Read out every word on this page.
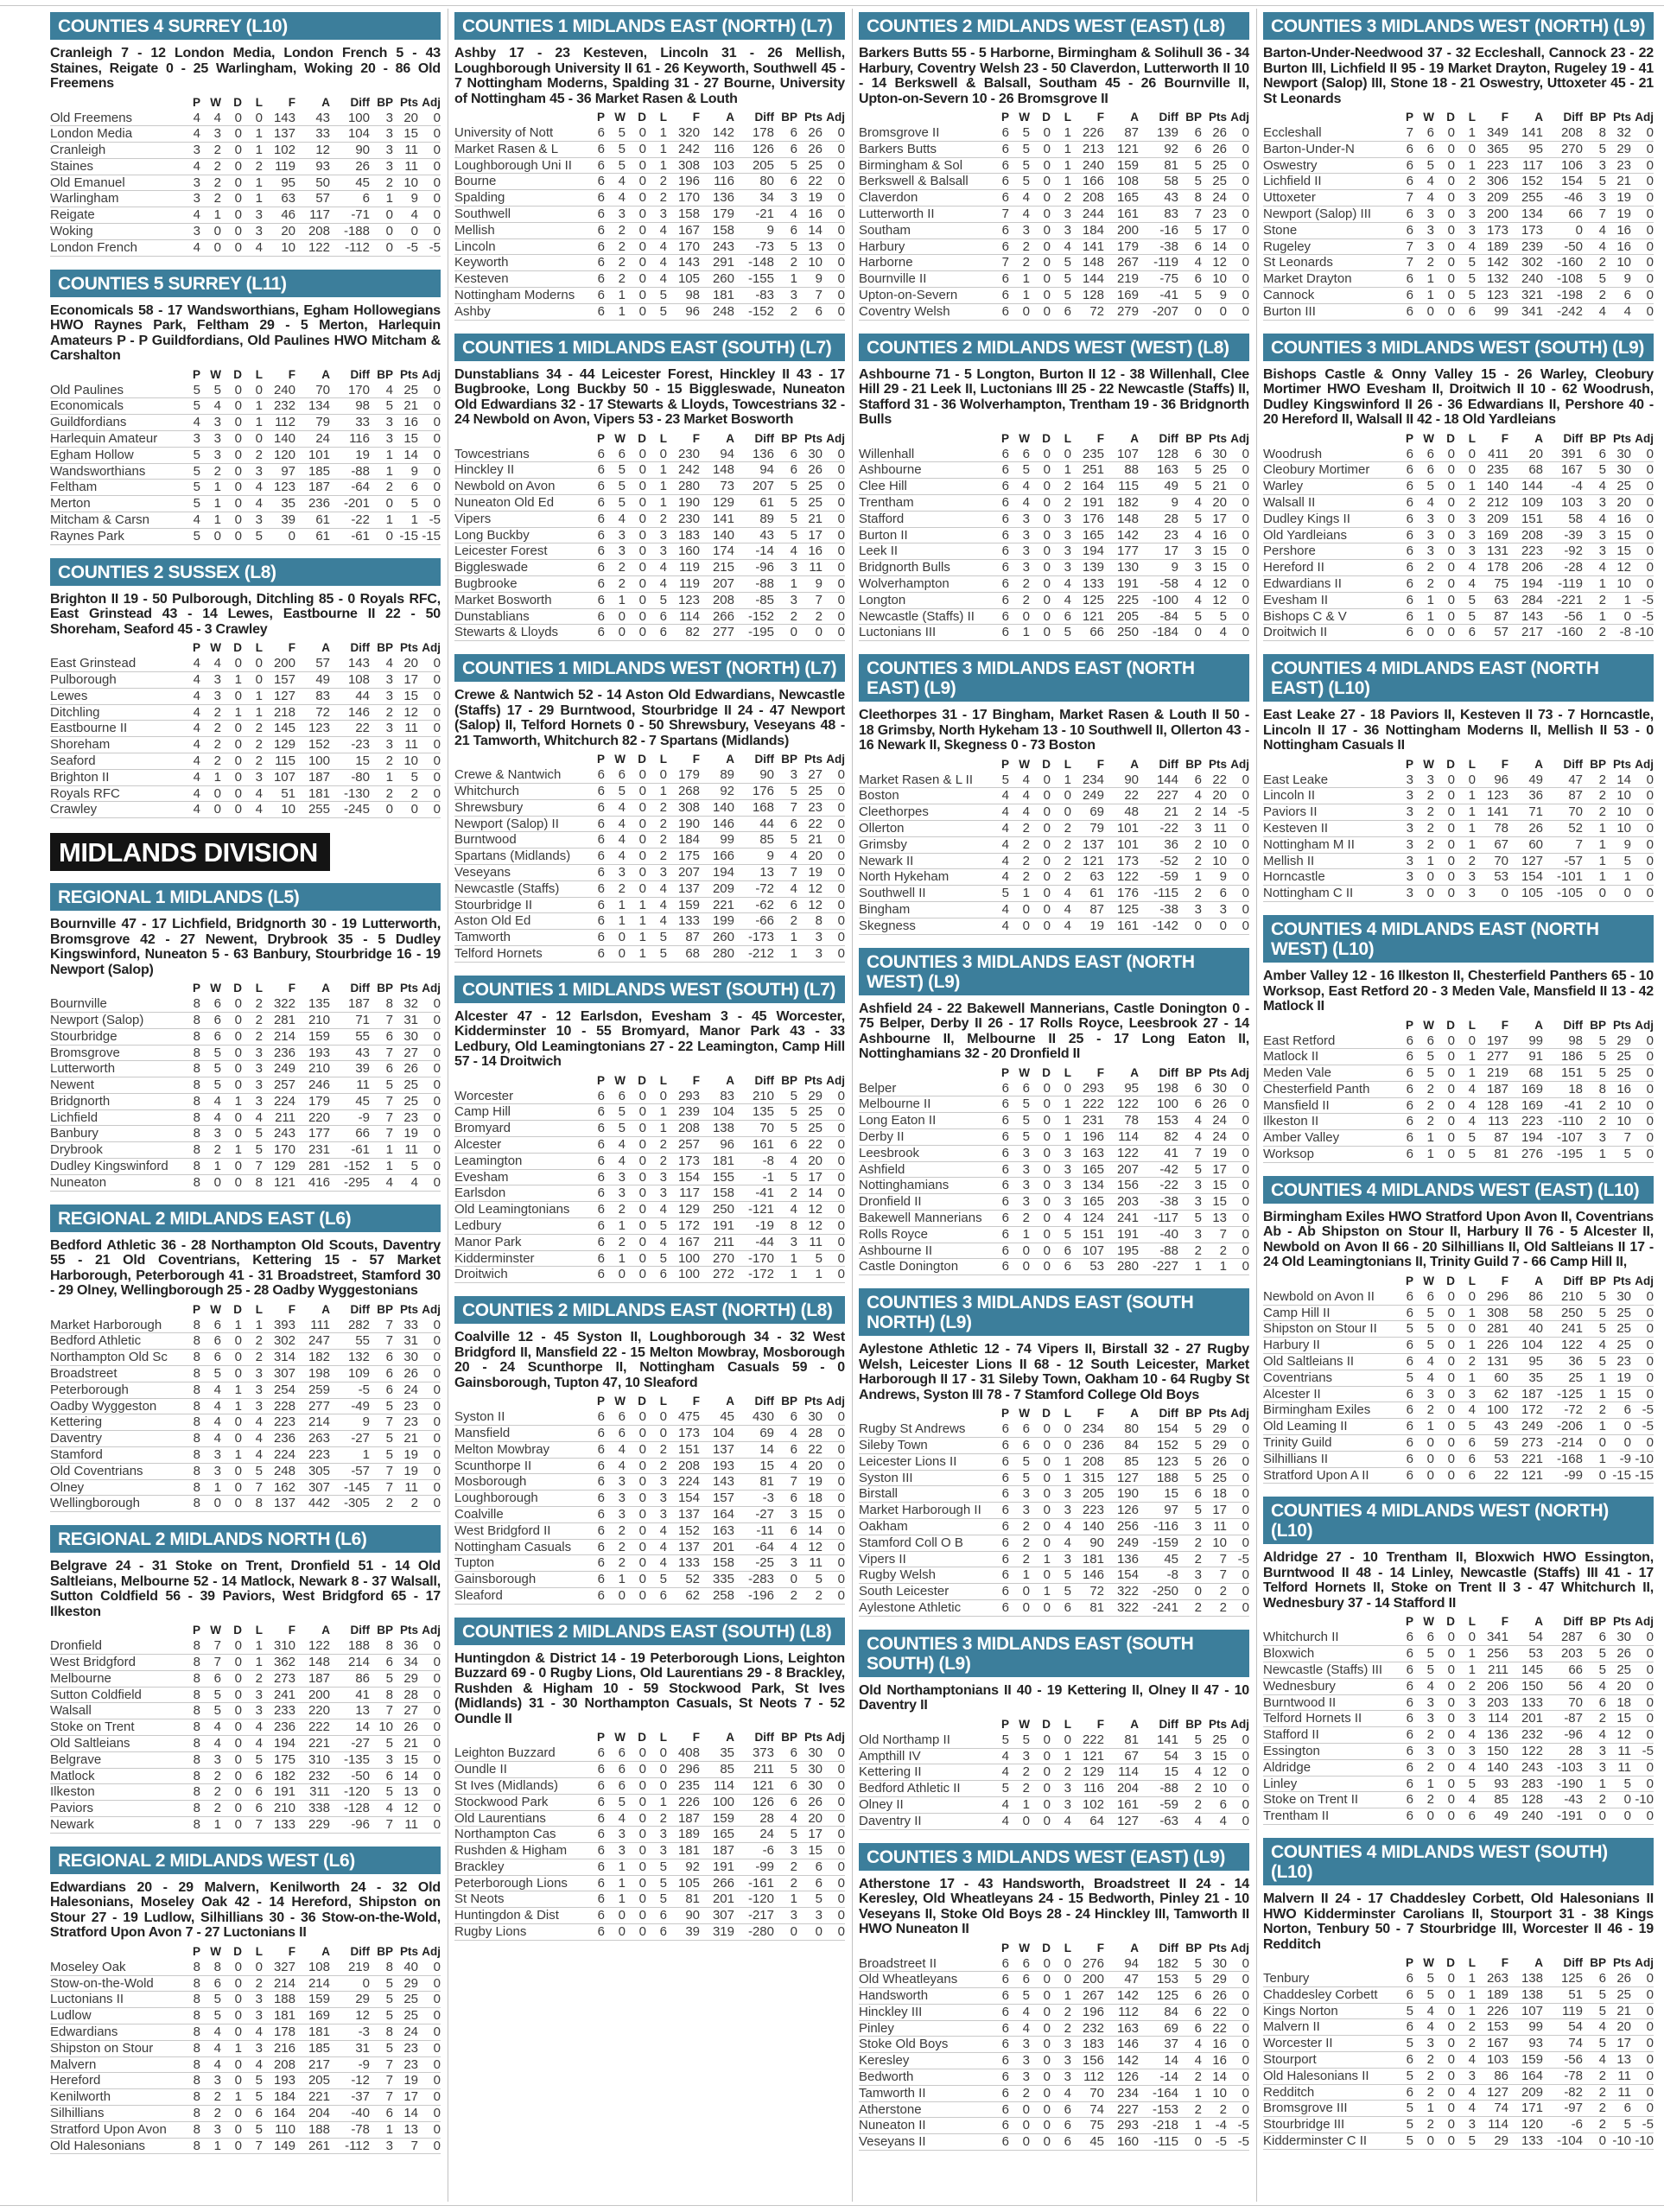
COUNTIES 4 SURREY (L10)

Cranleigh 7 - 12 London Media, London French 5 - 43 Staines, Reigate 0 - 25 Warlingham, Woking 20 - 86 Old Freemens

	P	W	D	L	F	A	Diff	BP	Pts	Adj
Old Freemens	4	4	0	0	143	43	100	3	20	0
London Media	4	3	0	1	137	33	104	3	15	0
Cranleigh	3	2	0	1	102	12	90	3	11	0
Staines	4	2	0	2	119	93	26	3	11	0
Old Emanuel	3	2	0	1	95	50	45	2	10	0
Warlingham	3	2	0	1	63	57	6	1	9	0
Reigate	4	1	0	3	46	117	-71	0	4	0
Woking	3	0	0	3	20	208	-188	0	0	0
London French	4	0	0	4	10	122	-112	0	-5	-5
COUNTIES 5 SURREY (L11)

Economicals 58 - 17 Wandsworthians, Egham Hollowegians HWO Raynes Park, Feltham 29 - 5 Merton, Harlequin Amateurs P - P Guildfordians, Old Paulines HWO Mitcham & Carshalton

	P	W	D	L	F	A	Diff	BP	Pts	Adj
Old Paulines	5	5	0	0	240	70	170	4	25	0
Economicals	5	4	0	1	232	134	98	5	21	0
Guildfordians	4	3	0	1	112	79	33	3	16	0
Harlequin Amateur	3	3	0	0	140	24	116	3	15	0
Egham Hollow	5	3	0	2	120	101	19	1	14	0
Wandsworthians	5	2	0	3	97	185	-88	1	9	0
Feltham	5	1	0	4	123	187	-64	2	6	0
Merton	5	1	0	4	35	236	-201	0	5	0
Mitcham & Carsn	4	1	0	3	39	61	-22	1	1	-5
Raynes Park	5	0	0	5	0	61	-61	0	-15	-15
COUNTIES 2 SUSSEX (L8)

Brighton II 19 - 50 Pulborough, Ditchling 85 - 0 Royals RFC, East Grinstead 43 - 14 Lewes, Eastbourne II 22 - 50 Shoreham, Seaford 45 - 3 Crawley

	P	W	D	L	F	A	Diff	BP	Pts	Adj
East Grinstead	4	4	0	0	200	57	143	4	20	0
Pulborough	4	3	1	0	157	49	108	3	17	0
Lewes	4	3	0	1	127	83	44	3	15	0
Ditchling	4	2	1	1	218	72	146	2	12	0
Eastbourne II	4	2	0	2	145	123	22	3	11	0
Shoreham	4	2	0	2	129	152	-23	3	11	0
Seaford	4	2	0	2	115	100	15	2	10	0
Brighton II	4	1	0	3	107	187	-80	1	5	0
Royals RFC	4	0	0	4	51	181	-130	2	2	0
Crawley	4	0	0	4	10	255	-245	0	0	0
MIDLANDS DIVISION
REGIONAL 1 MIDLANDS (L5)

Bournville 47 - 17 Lichfield, Bridgnorth 30 - 19 Lutterworth, Bromsgrove 42 - 27 Newent, Drybrook 35 - 5 Dudley Kingswinford, Nuneaton 5 - 63 Banbury, Stourbridge 16 - 19 Newport (Salop)

	P	W	D	L	F	A	Diff	BP	Pts	Adj
Bournville	8	6	0	2	322	135	187	8	32	0
Newport (Salop)	8	6	0	2	281	210	71	7	31	0
Stourbridge	8	6	0	2	214	159	55	6	30	0
Bromsgrove	8	5	0	3	236	193	43	7	27	0
Lutterworth	8	5	0	3	249	210	39	6	26	0
Newent	8	5	0	3	257	246	11	5	25	0
Bridgnorth	8	4	1	3	224	179	45	7	25	0
Lichfield	8	4	0	4	211	220	-9	7	23	0
Banbury	8	3	0	5	243	177	66	7	19	0
Drybrook	8	2	1	5	170	231	-61	1	11	0
Dudley Kingswinford	8	1	0	7	129	281	-152	1	5	0
Nuneaton	8	0	0	8	121	416	-295	4	4	0
REGIONAL 2 MIDLANDS EAST (L6)

Bedford Athletic 36 - 28 Northampton Old Scouts, Daventry 55 - 21 Old Coventrians, Kettering 15 - 57 Market Harborough, Peterborough 41 - 31 Broadstreet, Stamford 30 - 29 Olney, Wellingborough 25 - 28 Oadby Wyggestonians

	P	W	D	L	F	A	Diff	BP	Pts	Adj
Market Harborough	8	6	1	1	393	111	282	7	33	0
Bedford Athletic	8	6	0	2	302	247	55	7	31	0
Northampton Old Sc	8	6	0	2	314	182	132	6	30	0
Broadstreet	8	5	0	3	307	198	109	6	26	0
Peterborough	8	4	1	3	254	259	-5	6	24	0
Oadby Wyggeston	8	4	1	3	228	277	-49	5	23	0
Kettering	8	4	0	4	223	214	9	7	23	0
Daventry	8	4	0	4	236	263	-27	5	21	0
Stamford	8	3	1	4	224	223	1	5	19	0
Old Coventrians	8	3	0	5	248	305	-57	7	19	0
Olney	8	1	0	7	162	307	-145	7	11	0
Wellingborough	8	0	0	8	137	442	-305	2	2	0
REGIONAL 2 MIDLANDS NORTH (L6)

Belgrave 24 - 31 Stoke on Trent, Dronfield 51 - 14 Old Saltleians, Melbourne 52 - 14 Matlock, Newark 8 - 37 Walsall, Sutton Coldfield 56 - 39 Paviors, West Bridgford 65 - 17 Ilkeston

	P	W	D	L	F	A	Diff	BP	Pts	Adj
Dronfield	8	7	0	1	310	122	188	8	36	0
West Bridgford	8	7	0	1	362	148	214	6	34	0
Melbourne	8	6	0	2	273	187	86	5	29	0
Sutton Coldfield	8	5	0	3	241	200	41	8	28	0
Walsall	8	5	0	3	233	220	13	7	27	0
Stoke on Trent	8	4	0	4	236	222	14	10	26	0
Old Saltleians	8	4	0	4	194	221	-27	5	21	0
Belgrave	8	3	0	5	175	310	-135	3	15	0
Matlock	8	2	0	6	182	232	-50	6	14	0
Ilkeston	8	2	0	6	191	311	-120	5	13	0
Paviors	8	2	0	6	210	338	-128	4	12	0
Newark	8	1	0	7	133	229	-96	7	11	0
REGIONAL 2 MIDLANDS WEST (L6)

Edwardians 20 - 29 Malvern, Kenilworth 24 - 32 Old Halesonians, Moseley Oak 42 - 14 Hereford, Shipston on Stour 27 - 19 Ludlow, Silhillians 30 - 36 Stow-on-the-Wold, Stratford Upon Avon 7 - 27 Luctonians II

	P	W	D	L	F	A	Diff	BP	Pts	Adj
Moseley Oak	8	8	0	0	327	108	219	8	40	0
Stow-on-the-Wold	8	6	0	2	214	214	0	5	29	0
Luctonians II	8	5	0	3	188	159	29	5	25	0
Ludlow	8	5	0	3	181	169	12	5	25	0
Edwardians	8	4	0	4	178	181	-3	8	24	0
Shipston on Stour	8	4	1	3	216	185	31	5	23	0
Malvern	8	4	0	4	208	217	-9	7	23	0
Hereford	8	3	0	5	193	205	-12	7	19	0
Kenilworth	8	2	1	5	184	221	-37	7	17	0
Silhillians	8	2	0	6	164	204	-40	6	14	0
Stratford Upon Avon	8	3	0	5	110	188	-78	1	13	0
Old Halesonians	8	1	0	7	149	261	-112	3	7	0
COUNTIES 1 MIDLANDS EAST (NORTH) (L7)

Ashby 17 - 23 Kesteven, Lincoln 31 - 26 Mellish, Loughborough University II 61 - 26 Keyworth, Southwell 45 - 7 Nottingham Moderns, Spalding 31 - 27 Bourne, University of Nottingham 45 - 36 Market Rasen & Louth

	P	W	D	L	F	A	Diff	BP	Pts	Adj
University of Nott	6	5	0	1	320	142	178	6	26	0
Market Rasen & L	6	5	0	1	242	116	126	6	26	0
Loughborough Uni II	6	5	0	1	308	103	205	5	25	0
Bourne	6	4	0	2	196	116	80	6	22	0
Spalding	6	4	0	2	170	136	34	3	19	0
Southwell	6	3	0	3	158	179	-21	4	16	0
Mellish	6	2	0	4	167	158	9	6	14	0
Lincoln	6	2	0	4	170	243	-73	5	13	0
Keyworth	6	2	0	4	143	291	-148	2	10	0
Kesteven	6	2	0	4	105	260	-155	1	9	0
Nottingham Moderns	6	1	0	5	98	181	-83	3	7	0
Ashby	6	1	0	5	96	248	-152	2	6	0
COUNTIES 1 MIDLANDS EAST (SOUTH) (L7)

Dunstablians 34 - 44 Leicester Forest, Hinckley II 43 - 17 Bugbrooke, Long Buckby 50 - 15 Biggleswade, Nuneaton Old Edwardians 32 - 17 Stewarts & Lloyds, Towcestrians 32 - 24 Newbold on Avon, Vipers 53 - 23 Market Bosworth

	P	W	D	L	F	A	Diff	BP	Pts	Adj
Towcestrians	6	6	0	0	230	94	136	6	30	0
Hinckley II	6	5	0	1	242	148	94	6	26	0
Newbold on Avon	6	5	0	1	280	73	207	5	25	0
Nuneaton Old Ed	6	5	0	1	190	129	61	5	25	0
Vipers	6	4	0	2	230	141	89	5	21	0
Long Buckby	6	3	0	3	183	140	43	5	17	0
Leicester Forest	6	3	0	3	160	174	-14	4	16	0
Biggleswade	6	2	0	4	119	215	-96	3	11	0
Bugbrooke	6	2	0	4	119	207	-88	1	9	0
Market Bosworth	6	1	0	5	123	208	-85	3	7	0
Dunstablians	6	0	0	6	114	266	-152	2	2	0
Stewarts & Lloyds	6	0	0	6	82	277	-195	0	0	0
COUNTIES 1 MIDLANDS WEST (NORTH) (L7)

Crewe & Nantwich 52 - 14 Aston Old Edwardians, Newcastle (Staffs) 17 - 29 Burntwood, Stourbridge II 24 - 47 Newport (Salop) II, Telford Hornets 0 - 50 Shrewsbury, Veseyans 48 - 21 Tamworth, Whitchurch 82 - 7 Spartans (Midlands)

	P	W	D	L	F	A	Diff	BP	Pts	Adj
Crewe & Nantwich	6	6	0	0	179	89	90	3	27	0
Whitchurch	6	5	0	1	268	92	176	5	25	0
Shrewsbury	6	4	0	2	308	140	168	7	23	0
Newport (Salop) II	6	4	0	2	190	146	44	6	22	0
Burntwood	6	4	0	2	184	99	85	5	21	0
Spartans (Midlands)	6	4	0	2	175	166	9	4	20	0
Veseyans	6	3	0	3	207	194	13	7	19	0
Newcastle (Staffs)	6	2	0	4	137	209	-72	4	12	0
Stourbridge II	6	1	1	4	159	221	-62	6	12	0
Aston Old Ed	6	1	1	4	133	199	-66	2	8	0
Tamworth	6	0	1	5	87	260	-173	1	3	0
Telford Hornets	6	0	1	5	68	280	-212	1	3	0
COUNTIES 1 MIDLANDS WEST (SOUTH) (L7)

Alcester 47 - 12 Earlsdon, Evesham 3 - 45 Worcester, Kidderminster 10 - 55 Bromyard, Manor Park 43 - 33 Ledbury, Old Leamingtonians 27 - 22 Leamington, Camp Hill 57 - 14 Droitwich

	P	W	D	L	F	A	Diff	BP	Pts	Adj
Worcester	6	6	0	0	293	83	210	5	29	0
Camp Hill	6	5	0	1	239	104	135	5	25	0
Bromyard	6	5	0	1	208	138	70	5	25	0
Alcester	6	4	0	2	257	96	161	6	22	0
Leamington	6	4	0	2	173	181	-8	4	20	0
Evesham	6	3	0	3	154	155	-1	5	17	0
Earlsdon	6	3	0	3	117	158	-41	2	14	0
Old Leamingtonians	6	2	0	4	129	250	-121	4	12	0
Ledbury	6	1	0	5	172	191	-19	8	12	0
Manor Park	6	2	0	4	167	211	-44	3	11	0
Kidderminster	6	1	0	5	100	270	-170	1	5	0
Droitwich	6	0	0	6	100	272	-172	1	1	0
COUNTIES 2 MIDLANDS EAST (NORTH) (L8)

Coalville 12 - 45 Syston II, Loughborough 34 - 32 West Bridgford II, Mansfield 22 - 15 Melton Mowbray, Mosborough 20 - 24 Scunthorpe II, Nottingham Casuals 59 - 0 Gainsborough, Tupton 47, 10 Sleaford

	P	W	D	L	F	A	Diff	BP	Pts	Adj
Syston II	6	6	0	0	475	45	430	6	30	0
Mansfield	6	6	0	0	173	104	69	4	28	0
Melton Mowbray	6	4	0	2	151	137	14	6	22	0
Scunthorpe II	6	4	0	2	208	193	15	4	20	0
Mosborough	6	3	0	3	224	143	81	7	19	0
Loughborough	6	3	0	3	154	157	-3	6	18	0
Coalville	6	3	0	3	137	164	-27	3	15	0
West Bridgford II	6	2	0	4	152	163	-11	6	14	0
Nottingham Casuals	6	2	0	4	137	201	-64	4	12	0
Tupton	6	2	0	4	133	158	-25	3	11	0
Gainsborough	6	1	0	5	52	335	-283	0	5	0
Sleaford	6	0	0	6	62	258	-196	2	2	0
COUNTIES 2 MIDLANDS EAST (SOUTH) (L8)

Huntingdon & District 14 - 19 Peterborough Lions, Leighton Buzzard 69 - 0 Rugby Lions, Old Laurentians 29 - 8 Brackley, Rushden & Higham 10 - 59 Stockwood Park, St Ives (Midlands) 31 - 30 Northampton Casuals, St Neots 7 - 52 Oundle II

	P	W	D	L	F	A	Diff	BP	Pts	Adj
Leighton Buzzard	6	6	0	0	408	35	373	6	30	0
Oundle II	6	6	0	0	296	85	211	5	30	0
St Ives (Midlands)	6	6	0	0	235	114	121	6	30	0
Stockwood Park	6	5	0	1	226	100	126	6	26	0
Old Laurentians	6	4	0	2	187	159	28	4	20	0
Northampton Cas	6	3	0	3	189	165	24	5	17	0
Rushden & Higham	6	3	0	3	181	187	-6	3	15	0
Brackley	6	1	0	5	92	191	-99	2	6	0
Peterborough Lions	6	1	0	5	105	266	-161	2	6	0
St Neots	6	1	0	5	81	201	-120	1	5	0
Huntingdon & Dist	6	0	0	6	90	307	-217	3	3	0
Rugby Lions	6	0	0	6	39	319	-280	0	0	0
COUNTIES 2 MIDLANDS WEST (EAST) (L8)

Barkers Butts 55 - 5 Harborne, Birmingham & Solihull 36 - 34 Harbury, Coventry Welsh 23 - 50 Claverdon, Lutterworth II 10 - 14 Berkswell & Balsall, Southam 45 - 26 Bournville II, Upton-on-Severn 10 - 26 Bromsgrove II

	P	W	D	L	F	A	Diff	BP	Pts	Adj
Bromsgrove II	6	5	0	1	226	87	139	6	26	0
Barkers Butts	6	5	0	1	213	121	92	6	26	0
Birmingham & Sol	6	5	0	1	240	159	81	5	25	0
Berkswell & Balsall	6	5	0	1	166	108	58	5	25	0
Claverdon	6	4	0	2	208	165	43	8	24	0
Lutterworth II	7	4	0	3	244	161	83	7	23	0
Southam	6	3	0	3	184	200	-16	5	17	0
Harbury	6	2	0	4	141	179	-38	6	14	0
Harborne	7	2	0	5	148	267	-119	4	12	0
Bournville II	6	1	0	5	144	219	-75	6	10	0
Upton-on-Severn	6	1	0	5	128	169	-41	5	9	0
Coventry Welsh	6	0	0	6	72	279	-207	0	0	0
COUNTIES 2 MIDLANDS WEST (WEST) (L8)

Ashbourne 71 - 5 Longton, Burton II 12 - 38 Willenhall, Clee Hill 29 - 21 Leek II, Luctonians III 25 - 22 Newcastle (Staffs) II, Stafford 31 - 36 Wolverhampton, Trentham 19 - 36 Bridgnorth Bulls

	P	W	D	L	F	A	Diff	BP	Pts	Adj
Willenhall	6	6	0	0	235	107	128	6	30	0
Ashbourne	6	5	0	1	251	88	163	5	25	0
Clee Hill	6	4	0	2	164	115	49	5	21	0
Trentham	6	4	0	2	191	182	9	4	20	0
Stafford	6	3	0	3	176	148	28	5	17	0
Burton II	6	3	0	3	165	142	23	4	16	0
Leek II	6	3	0	3	194	177	17	3	15	0
Bridgnorth Bulls	6	3	0	3	139	130	9	3	15	0
Wolverhampton	6	2	0	4	133	191	-58	4	12	0
Longton	6	2	0	4	125	225	-100	4	12	0
Newcastle (Staffs) II	6	0	0	6	121	205	-84	5	5	0
Luctonians III	6	1	0	5	66	250	-184	0	4	0
COUNTIES 3 MIDLANDS EAST (NORTH EAST) (L9)

Cleethorpes 31 - 17 Bingham, Market Rasen & Louth II 50 - 18 Grimsby, North Hykeham 13 - 10 Southwell II, Ollerton 43 - 16 Newark II, Skegness 0 - 73 Boston

	P	W	D	L	F	A	Diff	BP	Pts	Adj
Market Rasen & L II	5	4	0	1	234	90	144	6	22	0
Boston	4	4	0	0	249	22	227	4	20	0
Cleethorpes	4	4	0	0	69	48	21	2	14	-5
Ollerton	4	2	0	2	79	101	-22	3	11	0
Grimsby	4	2	0	2	137	101	36	2	10	0
Newark II	4	2	0	2	121	173	-52	2	10	0
North Hykeham	4	2	0	2	63	122	-59	1	9	0
Southwell II	5	1	0	4	61	176	-115	2	6	0
Bingham	4	0	0	4	87	125	-38	3	3	0
Skegness	4	0	0	4	19	161	-142	0	0	0
COUNTIES 3 MIDLANDS EAST (NORTH WEST) (L9)

Ashfield 24 - 22 Bakewell Mannerians, Castle Donington 0 - 75 Belper, Derby II 26 - 17 Rolls Royce, Leesbrook 27 - 14 Ashbourne II, Melbourne II 25 - 17 Long Eaton II, Nottinghamians 32 - 20 Dronfield II

	P	W	D	L	F	A	Diff	BP	Pts	Adj
Belper	6	6	0	0	293	95	198	6	30	0
Melbourne II	6	5	0	1	222	122	100	6	26	0
Long Eaton II	6	5	0	1	231	78	153	4	24	0
Derby II	6	5	0	1	196	114	82	4	24	0
Leesbrook	6	3	0	3	163	122	41	7	19	0
Ashfield	6	3	0	3	165	207	-42	5	17	0
Nottinghamians	6	3	0	3	134	156	-22	3	15	0
Dronfield II	6	3	0	3	165	203	-38	3	15	0
Bakewell Mannerians	6	2	0	4	124	241	-117	5	13	0
Rolls Royce	6	1	0	5	151	191	-40	3	7	0
Ashbourne II	6	0	0	6	107	195	-88	2	2	0
Castle Donington	6	0	0	6	53	280	-227	1	1	0
COUNTIES 3 MIDLANDS EAST (SOUTH NORTH) (L9)

Aylestone Athletic 12 - 74 Vipers II, Birstall 32 - 27 Rugby Welsh, Leicester Lions II 68 - 12 South Leicester, Market Harborough II 17 - 31 Sileby Town, Oakham 10 - 64 Rugby St Andrews, Syston III 78 - 7 Stamford College Old Boys

	P	W	D	L	F	A	Diff	BP	Pts	Adj
Rugby St Andrews	6	6	0	0	234	80	154	5	29	0
Sileby Town	6	6	0	0	236	84	152	5	29	0
Leicester Lions II	6	5	0	1	208	85	123	5	26	0
Syston III	6	5	0	1	315	127	188	5	25	0
Birstall	6	3	0	3	205	190	15	6	18	0
Market Harborough II	6	3	0	3	223	126	97	5	17	0
Oakham	6	2	0	4	140	256	-116	3	11	0
Stamford Coll O B	6	2	0	4	90	249	-159	2	10	0
Vipers II	6	2	1	3	181	136	45	2	7	-5
Rugby Welsh	6	1	0	5	146	154	-8	3	7	0
South Leicester	6	0	1	5	72	322	-250	0	2	0
Aylestone Athletic	6	0	0	6	81	322	-241	2	2	0
COUNTIES 3 MIDLANDS EAST (SOUTH SOUTH) (L9)

Old Northamptonians II 40 - 19 Kettering II, Olney II 47 - 10 Daventry II

	P	W	D	L	F	A	Diff	BP	Pts	Adj
Old Northamp II	5	5	0	0	222	81	141	5	25	0
Ampthill IV	4	3	0	1	121	67	54	3	15	0
Kettering II	4	2	0	2	129	114	15	4	12	0
Bedford Athletic II	5	2	0	3	116	204	-88	2	10	0
Olney II	4	1	0	3	102	161	-59	2	6	0
Daventry II	4	0	0	4	64	127	-63	4	4	0
COUNTIES 3 MIDLANDS WEST (EAST) (L9)

Atherstone 17 - 43 Handsworth, Broadstreet II 24 - 14 Keresley, Old Wheatleyans 24 - 15 Bedworth, Pinley 21 - 10 Veseyans II, Stoke Old Boys 28 - 24 Hinckley III, Tamworth II HWO Nuneaton II

	P	W	D	L	F	A	Diff	BP	Pts	Adj
Broadstreet II	6	6	0	0	276	94	182	5	30	0
Old Wheatleyans	6	6	0	0	200	47	153	5	29	0
Handsworth	6	5	0	1	267	142	125	6	26	0
Hinckley III	6	4	0	2	196	112	84	6	22	0
Pinley	6	4	0	2	232	163	69	6	22	0
Stoke Old Boys	6	3	0	3	183	146	37	4	16	0
Keresley	6	3	0	3	156	142	14	4	16	0
Bedworth	6	3	0	3	112	126	-14	2	14	0
Tamworth II	6	2	0	4	70	234	-164	1	10	0
Atherstone	6	0	0	6	74	227	-153	2	2	0
Nuneaton II	6	0	0	6	75	293	-218	1	-4	-5
Veseyans II	6	0	0	6	45	160	-115	0	-5	-5
COUNTIES 3 MIDLANDS WEST (NORTH) (L9)

Barton-Under-Needwood 37 - 32 Eccleshall, Cannock 23 - 22 Burton III, Lichfield II 95 - 19 Market Drayton, Rugeley 19 - 41 Newport (Salop) III, Stone 18 - 21 Oswestry, Uttoxeter 45 - 21 St Leonards

	P	W	D	L	F	A	Diff	BP	Pts	Adj
Eccleshall	7	6	0	1	349	141	208	8	32	0
Barton-Under-N	6	6	0	0	365	95	270	5	29	0
Oswestry	6	5	0	1	223	117	106	3	23	0
Lichfield II	6	4	0	2	306	152	154	5	21	0
Uttoxeter	7	4	0	3	209	255	-46	3	19	0
Newport (Salop) III	6	3	0	3	200	134	66	7	19	0
Stone	6	3	0	3	173	173	0	4	16	0
Rugeley	7	3	0	4	189	239	-50	4	16	0
St Leonards	7	2	0	5	142	302	-160	2	10	0
Market Drayton	6	1	0	5	132	240	-108	5	9	0
Cannock	6	1	0	5	123	321	-198	2	6	0
Burton III	6	0	0	6	99	341	-242	4	4	0
COUNTIES 3 MIDLANDS WEST (SOUTH) (L9)

Bishops Castle & Onny Valley 15 - 26 Warley, Cleobury Mortimer HWO Evesham II, Droitwich II 10 - 62 Woodrush, Dudley Kingswinford II 26 - 36 Edwardians II, Pershore 40 - 20 Hereford II, Walsall II 42 - 18 Old Yardleians

	P	W	D	L	F	A	Diff	BP	Pts	Adj
Woodrush	6	6	0	0	411	20	391	6	30	0
Cleobury Mortimer	6	6	0	0	235	68	167	5	30	0
Warley	6	5	0	1	140	144	-4	4	25	0
Walsall II	6	4	0	2	212	109	103	3	20	0
Dudley Kings II	6	3	0	3	209	151	58	4	16	0
Old Yardleians	6	3	0	3	169	208	-39	3	15	0
Pershore	6	3	0	3	131	223	-92	3	15	0
Hereford II	6	2	0	4	178	206	-28	4	12	0
Edwardians II	6	2	0	4	75	194	-119	1	10	0
Evesham II	6	1	0	5	63	284	-221	2	1	-5
Bishops C & V	6	1	0	5	87	143	-56	1	0	-5
Droitwich II	6	0	0	6	57	217	-160	2	-8	-10
COUNTIES 4 MIDLANDS EAST (NORTH EAST) (L10)

East Leake 27 - 18 Paviors II, Kesteven II 73 - 7 Horncastle, Lincoln II 17 - 36 Nottingham Moderns II, Mellish II 53 - 0 Nottingham Casuals II

	P	W	D	L	F	A	Diff	BP	Pts	Adj
East Leake	3	3	0	0	96	49	47	2	14	0
Lincoln II	3	2	0	1	123	36	87	2	10	0
Paviors II	3	2	0	1	141	71	70	2	10	0
Kesteven II	3	2	0	1	78	26	52	1	10	0
Nottingham M II	3	2	0	1	67	60	7	1	9	0
Mellish II	3	1	0	2	70	127	-57	1	5	0
Horncastle	3	0	0	3	53	154	-101	1	1	0
Nottingham C II	3	0	0	3	0	105	-105	0	0	0
COUNTIES 4 MIDLANDS EAST (NORTH WEST) (L10)

Amber Valley 12 - 16 Ilkeston II, Chesterfield Panthers 65 - 10 Worksop, East Retford 20 - 3 Meden Vale, Mansfield II 13 - 42 Matlock II

	P	W	D	L	F	A	Diff	BP	Pts	Adj
East Retford	6	6	0	0	197	99	98	5	29	0
Matlock II	6	5	0	1	277	91	186	5	25	0
Meden Vale	6	5	0	1	219	68	151	5	25	0
Chesterfield Panth	6	2	0	4	187	169	18	8	16	0
Mansfield II	6	2	0	4	128	169	-41	2	10	0
Ilkeston II	6	2	0	4	113	223	-110	2	10	0
Amber Valley	6	1	0	5	87	194	-107	3	7	0
Worksop	6	1	0	5	81	276	-195	1	5	0
COUNTIES 4 MIDLANDS WEST (EAST) (L10)

Birmingham Exiles HWO Stratford Upon Avon II, Coventrians Ab - Ab Shipston on Stour II, Harbury II 76 - 5 Alcester II, Newbold on Avon II 66 - 20 Silhillians II, Old Saltleians II 17 - 24 Old Leamingtonians II, Trinity Guild 7 - 66 Camp Hill II,

	P	W	D	L	F	A	Diff	BP	Pts	Adj
Newbold on Avon II	6	6	0	0	296	86	210	5	30	0
Camp Hill II	6	5	0	1	308	58	250	5	25	0
Shipston on Stour II	5	5	0	0	281	40	241	5	25	0
Harbury II	6	5	0	1	226	104	122	4	25	0
Old Saltleians II	6	4	0	2	131	95	36	5	23	0
Coventrians	5	4	0	1	60	35	25	1	19	0
Alcester II	6	3	0	3	62	187	-125	1	15	0
Birmingham Exiles	6	2	0	4	100	172	-72	2	6	-5
Old Leaming II	6	1	0	5	43	249	-206	1	0	-5
Trinity Guild	6	0	0	6	59	273	-214	0	0	0
Silhillians II	6	0	0	6	53	221	-168	1	-9	-10
Stratford Upon A II	6	0	0	6	22	121	-99	0	-15	-15
COUNTIES 4 MIDLANDS WEST (NORTH) (L10)

Aldridge 27 - 10 Trentham II, Bloxwich HWO Essington, Burntwood II 48 - 14 Linley, Newcastle (Staffs) III 41 - 17 Telford Hornets II, Stoke on Trent II 3 - 47 Whitchurch II, Wednesbury 37 - 14 Stafford II

	P	W	D	L	F	A	Diff	BP	Pts	Adj
Whitchurch II	6	6	0	0	341	54	287	6	30	0
Bloxwich	6	5	0	1	256	53	203	5	26	0
Newcastle (Staffs) III	6	5	0	1	211	145	66	5	25	0
Wednesbury	6	4	0	2	206	150	56	4	20	0
Burntwood II	6	3	0	3	203	133	70	6	18	0
Telford Hornets II	6	3	0	3	114	201	-87	2	15	0
Stafford II	6	2	0	4	136	232	-96	4	12	0
Essington	6	3	0	3	150	122	28	3	11	-5
Aldridge	6	2	0	4	140	243	-103	3	11	0
Linley	6	1	0	5	93	283	-190	1	5	0
Stoke on Trent II	6	2	0	4	85	128	-43	2	0	-10
Trentham II	6	0	0	6	49	240	-191	0	0	0
COUNTIES 4 MIDLANDS WEST (SOUTH) (L10)

Malvern II 24 - 17 Chaddesley Corbett, Old Halesonians II HWO Kidderminster Carolians II, Stourport 31 - 38 Kings Norton, Tenbury 50 - 7 Stourbridge III, Worcester II 46 - 19 Redditch

	P	W	D	L	F	A	Diff	BP	Pts	Adj
Tenbury	6	5	0	1	263	138	125	6	26	0
Chaddesley Corbett	6	5	0	1	189	138	51	5	25	0
Kings Norton	5	4	0	1	226	107	119	5	21	0
Malvern II	6	4	0	2	153	99	54	4	20	0
Worcester II	5	3	0	2	167	93	74	5	17	0
Stourport	6	2	0	4	103	159	-56	4	13	0
Old Halesonians II	5	2	0	3	86	164	-78	2	11	0
Redditch	6	2	0	4	127	209	-82	2	11	0
Bromsgrove III	5	1	0	4	74	171	-97	2	6	0
Stourbridge III	5	2	0	3	114	120	-6	2	5	-5
Kidderminster C II	5	0	0	5	29	133	-104	0	-10	-10
